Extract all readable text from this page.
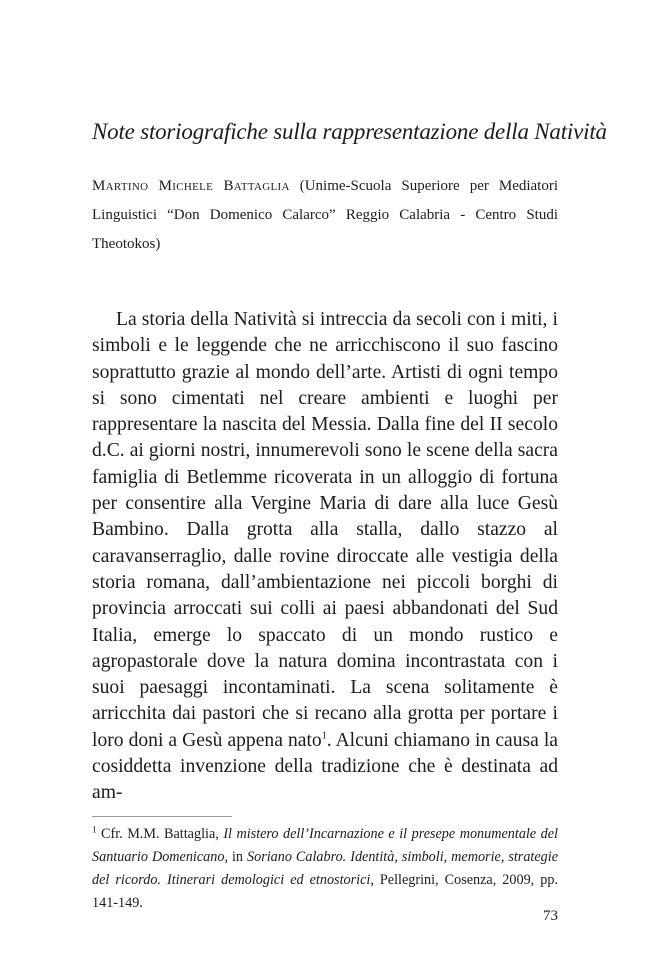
Note storiografiche sulla rappresentazione della Natività
Martino Michele Battaglia (Unime-Scuola Superiore per Mediatori Linguistici “Don Domenico Calarco” Reggio Calabria - Centro Studi Theotokos)
La storia della Natività si intreccia da secoli con i miti, i simboli e le leggende che ne arricchiscono il suo fascino soprattutto grazie al mondo dell’arte. Artisti di ogni tempo si sono cimentati nel creare ambienti e luoghi per rappresentare la nascita del Messia. Dalla fine del II secolo d.C. ai giorni nostri, innumerevoli sono le scene della sacra famiglia di Betlemme ricoverata in un alloggio di fortuna per consentire alla Vergine Maria di dare alla luce Gesù Bambino. Dalla grotta alla stalla, dallo stazzo al caravanserraglio, dalle rovine diroccate alle vestigia della storia romana, dall’ambientazione nei piccoli borghi di provincia arroccati sui colli ai paesi abbandonati del Sud Italia, emerge lo spaccato di un mondo rustico e agropastorale dove la natura domina incontrastata con i suoi paesaggi incontaminati. La scena solitamente è arricchita dai pastori che si recano alla grotta per portare i loro doni a Gesù appena nato$^1$. Alcuni chiamano in causa la cosiddetta invenzione della tradizione che è destinata ad am-
$^1$ Cfr. M.M. Battaglia, Il mistero dell’Incarnazione e il presepe monumentale del Santuario Domenicano, in Soriano Calabro. Identità, simboli, memorie, strategie del ricordo. Itinerari demologici ed etnostorici, Pellegrini, Cosenza, 2009, pp. 141-149.
73
